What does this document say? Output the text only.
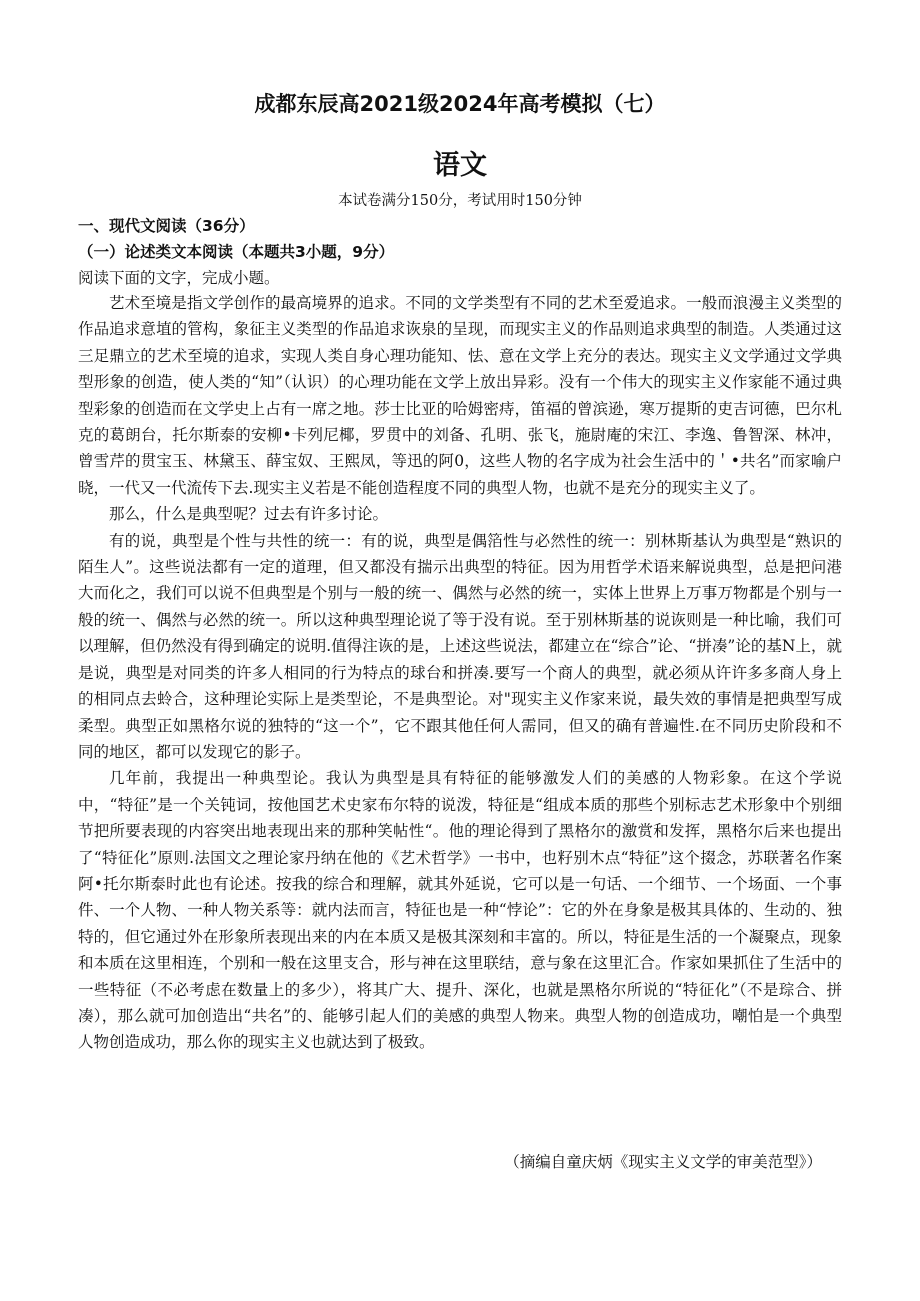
成都东辰高2021级2024年高考模拟（七）
语文
本试卷满分150分，考试用时150分钟
一、现代文阅读（36分）
（一）论述类文本阅读（本题共3小题，9分）
阅读下面的文字，完成小题。

艺术至境是指文学创作的最高境界的追求。不同的文学类型有不同的艺术至爱追求。一般而浪漫主义类型的作品追求意埴的管构，象征主义类型的作品追求诙泉的呈现，而现实主义的作品则追求典型的制造。人类通过这三足鼎立的艺术至境的追求，实现人类自身心理功能知、怯、意在文学上充分的表达。现实主义文学通过文学典型形象的创造，使人类的“知”（认识）的心理功能在文学上放出异彩。没有一个伟大的现实主义作家能不通过典型彩象的创造而在文学史上占有一席之地。莎士比亚的哈姆密痔，笛福的曾滨逊，寒万提斯的吏吉诃德，巴尔札克的葛朗台，托尔斯泰的安柳•卡列尼椰，罗贯中的刘备、孔明、张飞，施尉庵的宋江、李逸、鲁智深、林冲，曾雪芹的贯宝玉、林黛玉、薛宝奴、王熙凤，等迅的阿0，这些人物的名字成为社会生活中的＇•共名”而家喻户晓，一代又一代流传下去.现实主义若是不能创造程度不同的典型人物，也就不是充分的现实主义了。

那么，什么是典型呢？过去有许多讨论。

有的说，典型是个性与共性的统一：有的说，典型是偶箔性与必然性的统一：别林斯基认为典型是“熟识的陌生人”。这些说法都有一定的道理，但又都没有揣示出典型的特征。因为用哲学术语来解说典型，总是把问港大而化之，我们可以说不但典型是个别与一般的统一、偶然与必然的统一，实体上世界上万事万物都是个别与一般的统一、偶然与必然的统一。所以这种典型理论说了等于没有说。至于别林斯基的说诙则是一种比喻，我们可以理解，但仍然没有得到确定的说明.值得注诙的是，上述这些说法，都建立在“综合”论、“拼凑”论的基N上，就是说，典型是对同类的许多人相同的行为特点的球台和拼凑.要写一个商人的典型，就必须从许许多多商人身上的相同点去蛉合，这种理论实际上是类型论，不是典型论。对"现实主义作家来说，最失效的事情是把典型写成柔型。典型正如黑格尔说的独特的“这一个”，它不跟其他任何人需同，但又的确有普遍性.在不同历史阶段和不同的地区，都可以发现它的影子。

几年前，我提出一种典型论。我认为典型是具有特征的能够激发人们的美感的人物彩象。在这个学说中，“特征”是一个关钝词，按他国艺术史家布尔特的说泼，特征是“组成本质的那些个别标志艺术形象中个别细节把所要表现的内容突出地表现出来的那种笑帖性“。他的理论得到了黑格尔的激赏和发挥，黑格尔后来也提出了“特征化”原则.法国文之理论家丹纳在他的《艺术哲学》一书中，也籽别木点“特征”这个掇念，苏联著名作案阿•托尔斯泰时此也有论述。按我的综合和理解，就其外延说，它可以是一句话、一个细节、一个场面、一个事件、一个人物、一种人物关系等：就内法而言，特征也是一种“悖论”：它的外在身象是极其具体的、生动的、独特的，但它通过外在形象所表现出来的内在本质又是极其深刻和丰富的。所以，特征是生活的一个凝聚点，现象和本质在这里相连，个别和一般在这里支合，形与神在这里联结，意与象在这里汇合。作家如果抓住了生活中的一些特征（不必考虑在数量上的多少），将其广大、提升、深化，也就是黑格尔所说的“特征化”（不是琮合、拼凑），那么就可加创造出“共名”的、能够引起人们的美感的典型人物来。典型人物的创造成功，嘲怕是一个典型人物创造成功，那么你的现实主义也就达到了极致。

（摘编自童庆炳《现实主义文学的审美范型》）
